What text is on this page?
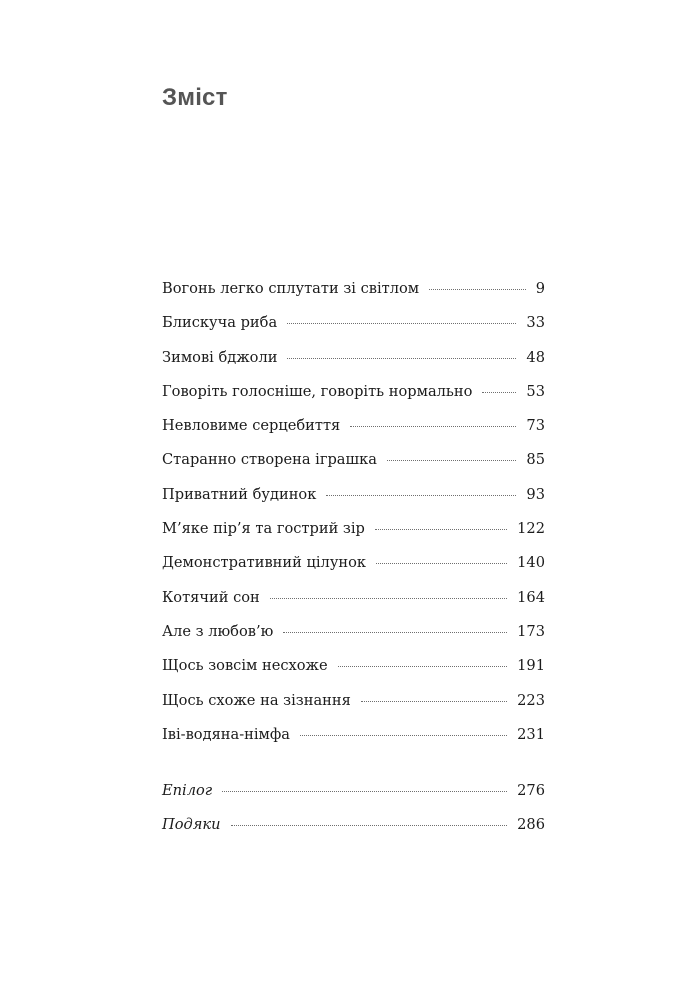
Зміст
Вогонь легко сплутати зі світлом	9
Блискуча риба	33
Зимові бджоли	48
Говоріть голосніше, говоріть нормально	53
Невловиме серцебиття	73
Старанно створена іграшка	85
Приватний будинок	93
М’яке пір’я та гострий зір	122
Демонстративний цілунок	140
Котячий сон	164
Але з любов’ю	173
Щось зовсім несхоже	191
Щось схоже на зізнання	223
Іві-водяна-німфа	231
Епілог	276
Подяки	286
